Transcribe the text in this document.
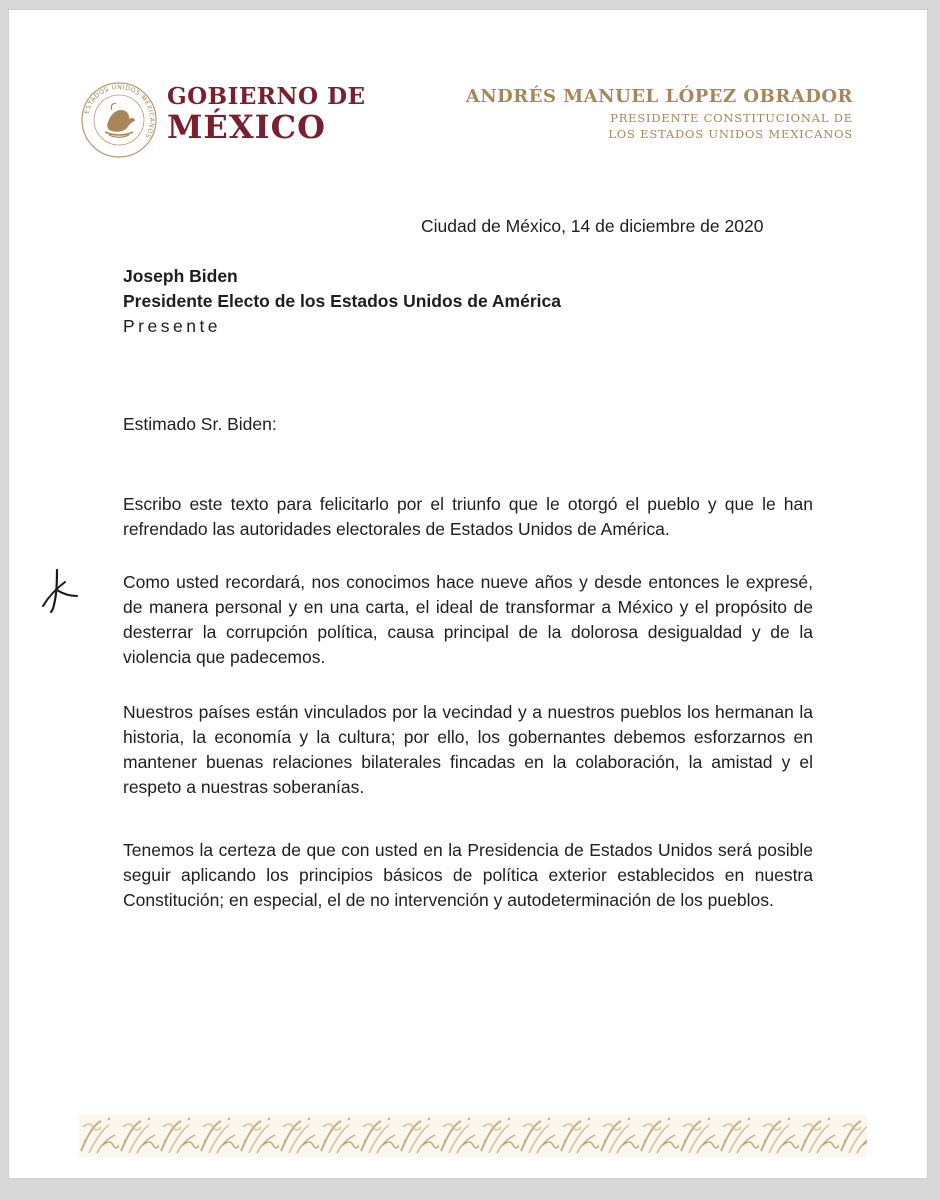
ESTADOS UNIDOS MEXICANOS
GOBIERNO DE
MÉXICO
ANDRÉS MANUEL LÓPEZ OBRADOR
PRESIDENTE CONSTITUCIONAL DE LOS ESTADOS UNIDOS MEXICANOS
Ciudad de México, 14 de diciembre de 2020
Joseph Biden
Presidente Electo de los Estados Unidos de América
Presente
Estimado Sr. Biden:
Escribo este texto para felicitarlo por el triunfo que le otorgó el pueblo y que le han refrendado las autoridades electorales de Estados Unidos de América.
Como usted recordará, nos conocimos hace nueve años y desde entonces le expresé, de manera personal y en una carta, el ideal de transformar a México y el propósito de desterrar la corrupción política, causa principal de la dolorosa desigualdad y de la violencia que padecemos.
Nuestros países están vinculados por la vecindad y a nuestros pueblos los hermanan la historia, la economía y la cultura; por ello, los gobernantes debemos esforzarnos en mantener buenas relaciones bilaterales fincadas en la colaboración, la amistad y el respeto a nuestras soberanías.
Tenemos la certeza de que con usted en la Presidencia de Estados Unidos será posible seguir aplicando los principios básicos de política exterior establecidos en nuestra Constitución; en especial, el de no intervención y autodeterminación de los pueblos.
